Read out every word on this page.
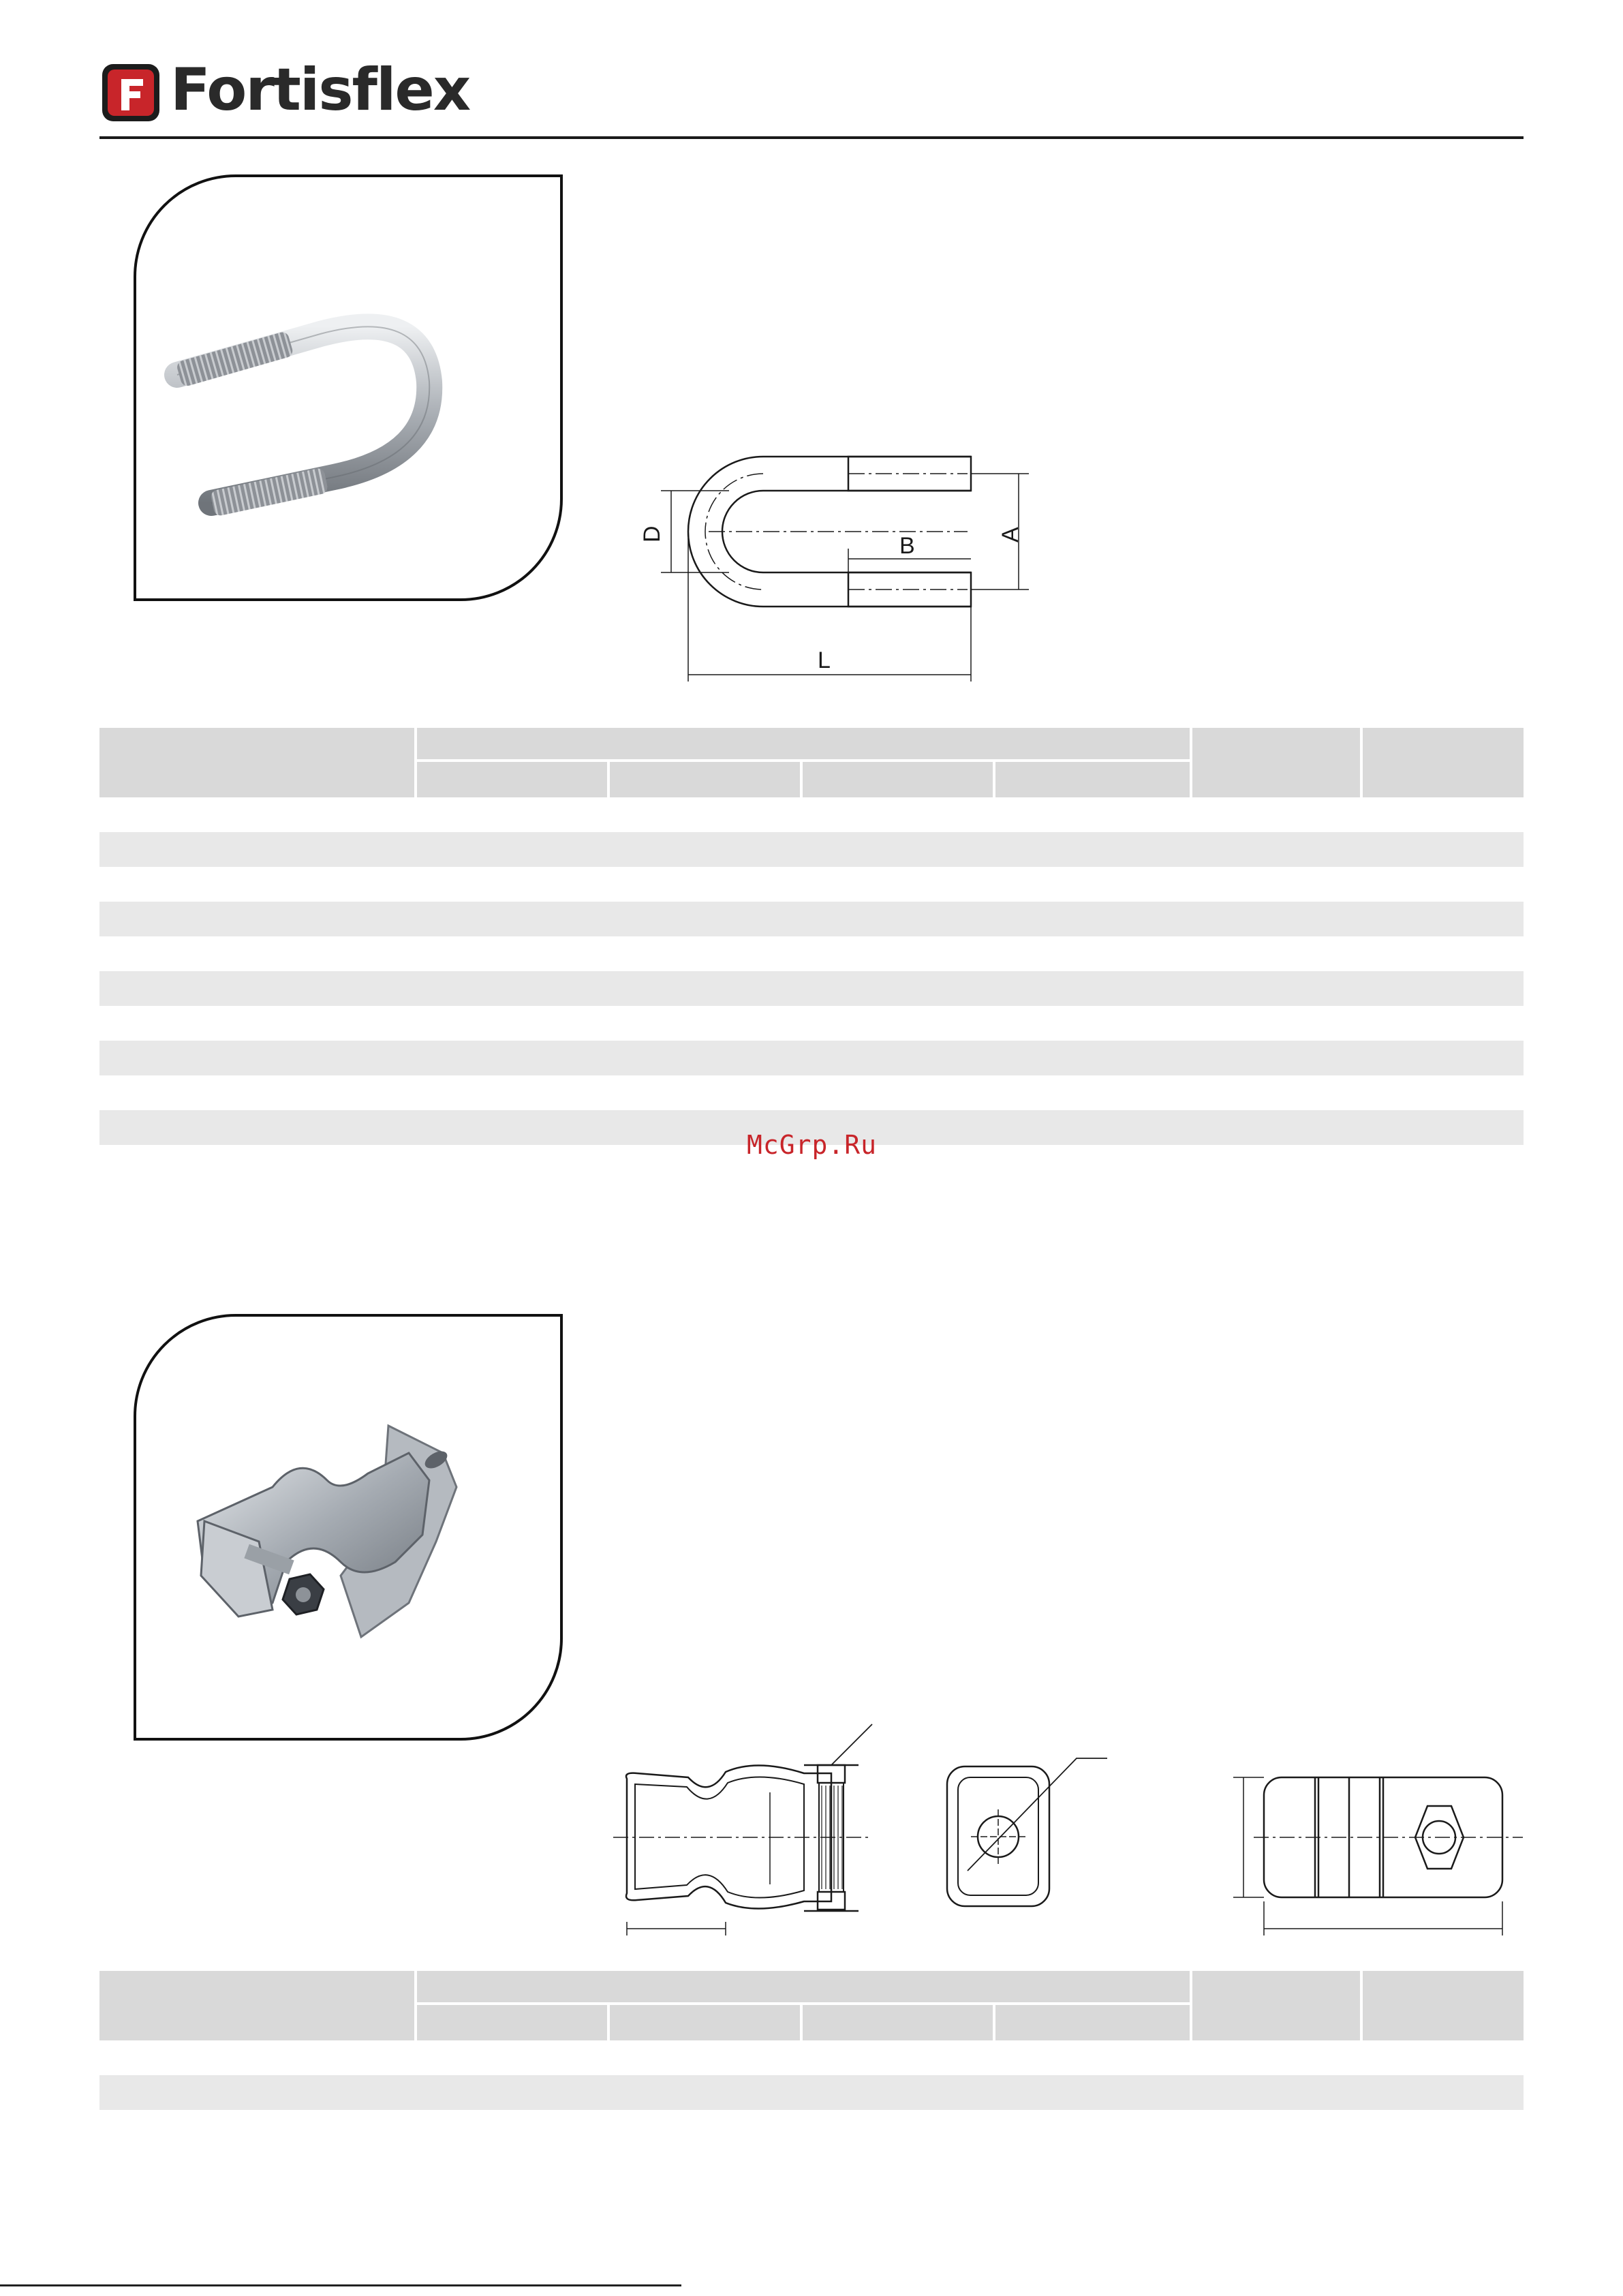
Fortisflex
D	A
B
L
McGrp.Ru
